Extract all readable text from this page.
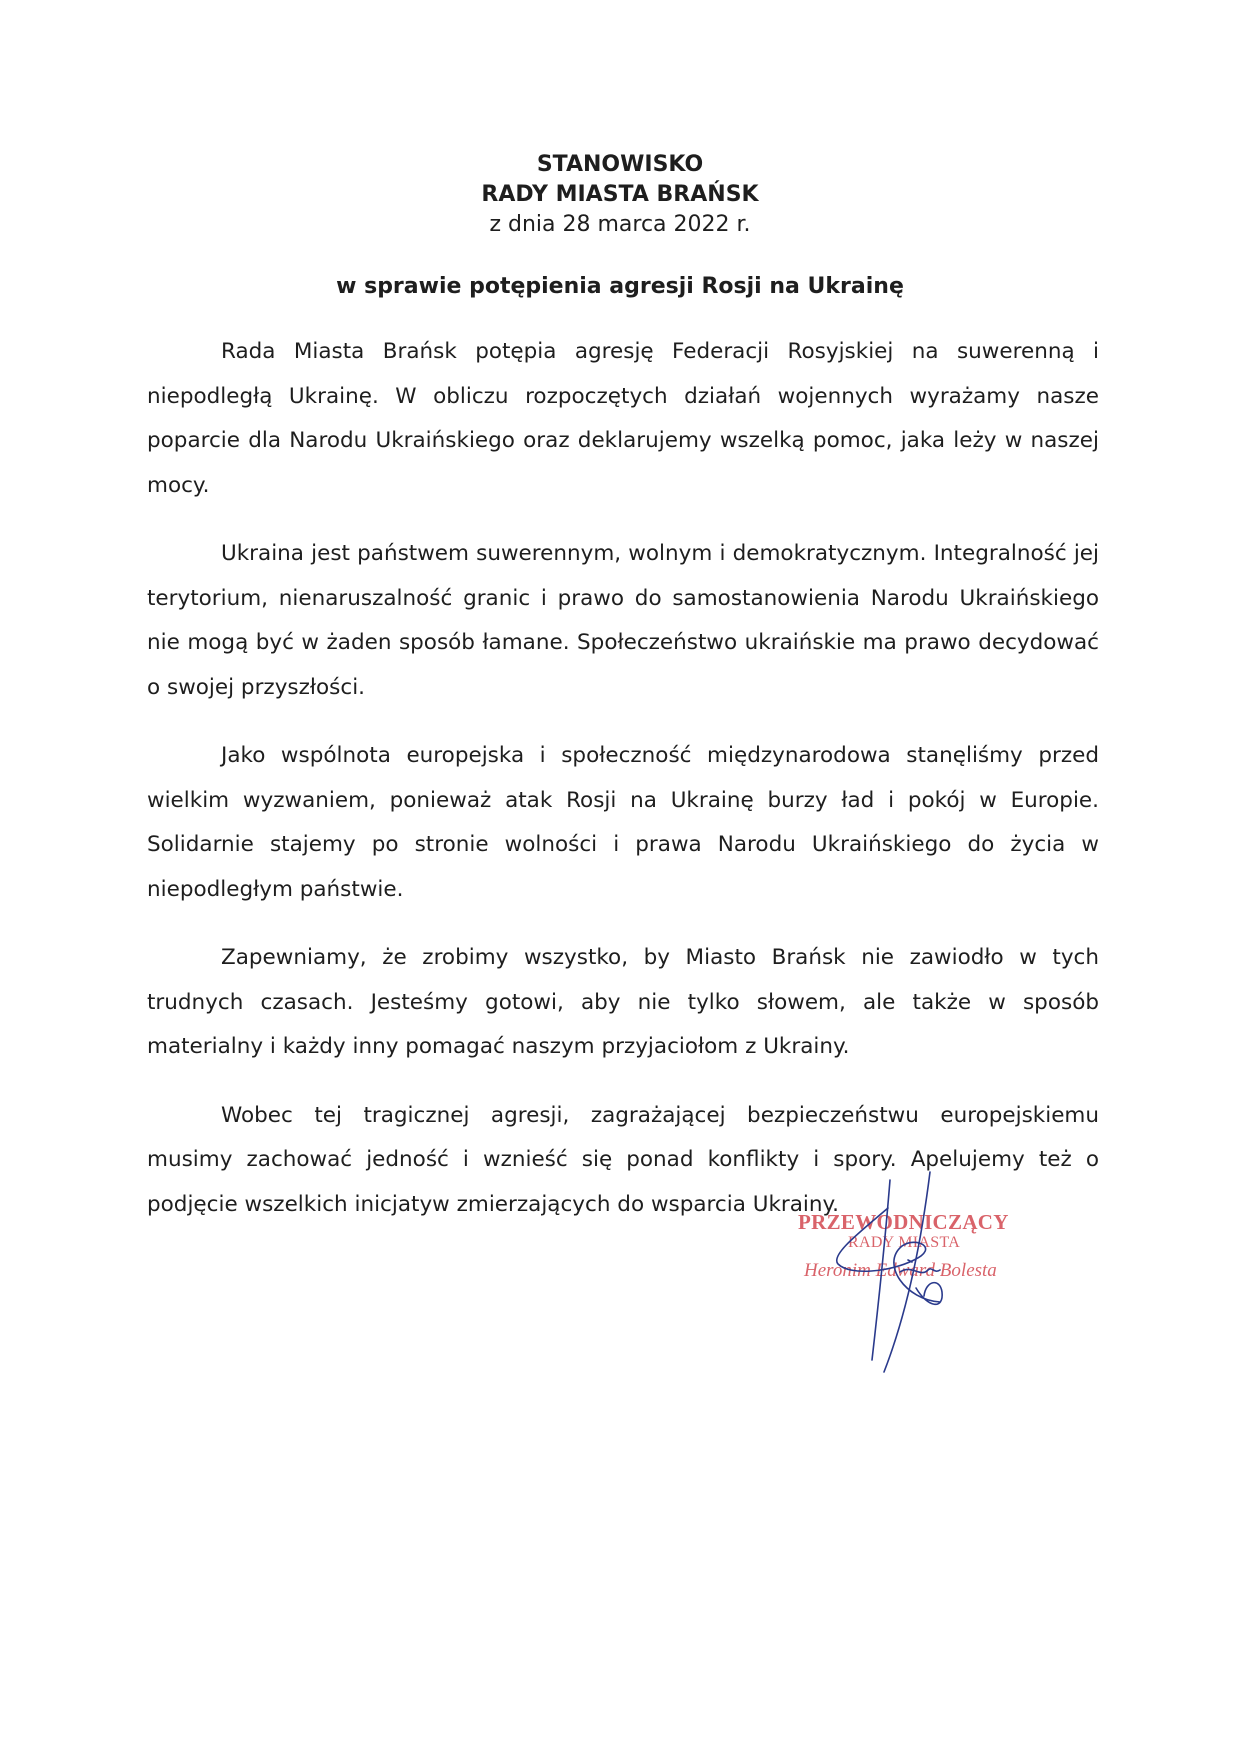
STANOWISKO
RADY MIASTA BRAŃSK
z dnia 28 marca 2022 r.
w sprawie potępienia agresji Rosji na Ukrainę

Rada Miasta Brańsk potępia agresję Federacji Rosyjskiej na suwerenną i niepodległą Ukrainę. W obliczu rozpoczętych działań wojennych wyrażamy nasze poparcie dla Narodu Ukraińskiego oraz deklarujemy wszelką pomoc, jaka leży w naszej mocy.

Ukraina jest państwem suwerennym, wolnym i demokratycznym. Integralność jej terytorium, nienaruszalność granic i prawo do samostanowienia Narodu Ukraińskiego nie mogą być w żaden sposób łamane. Społeczeństwo ukraińskie ma prawo decydować o swojej przyszłości.

Jako wspólnota europejska i społeczność międzynarodowa stanęliśmy przed wielkim wyzwaniem, ponieważ atak Rosji na Ukrainę burzy ład i pokój w Europie. Solidarnie stajemy po stronie wolności i prawa Narodu Ukraińskiego do życia w niepodległym państwie.

Zapewniamy, że zrobimy wszystko, by Miasto Brańsk nie zawiodło w tych trudnych czasach. Jesteśmy gotowi, aby nie tylko słowem, ale także w sposób materialny i każdy inny pomagać naszym przyjaciołom z Ukrainy.

Wobec tej tragicznej agresji, zagrażającej bezpieczeństwu europejskiemu musimy zachować jedność i wznieść się ponad konflikty i spory. Apelujemy też o podjęcie wszelkich inicjatyw zmierzających do wsparcia Ukrainy.

PRZEWODNICZĄCY
RADY MIASTA
Heronim Edward Bolesta
